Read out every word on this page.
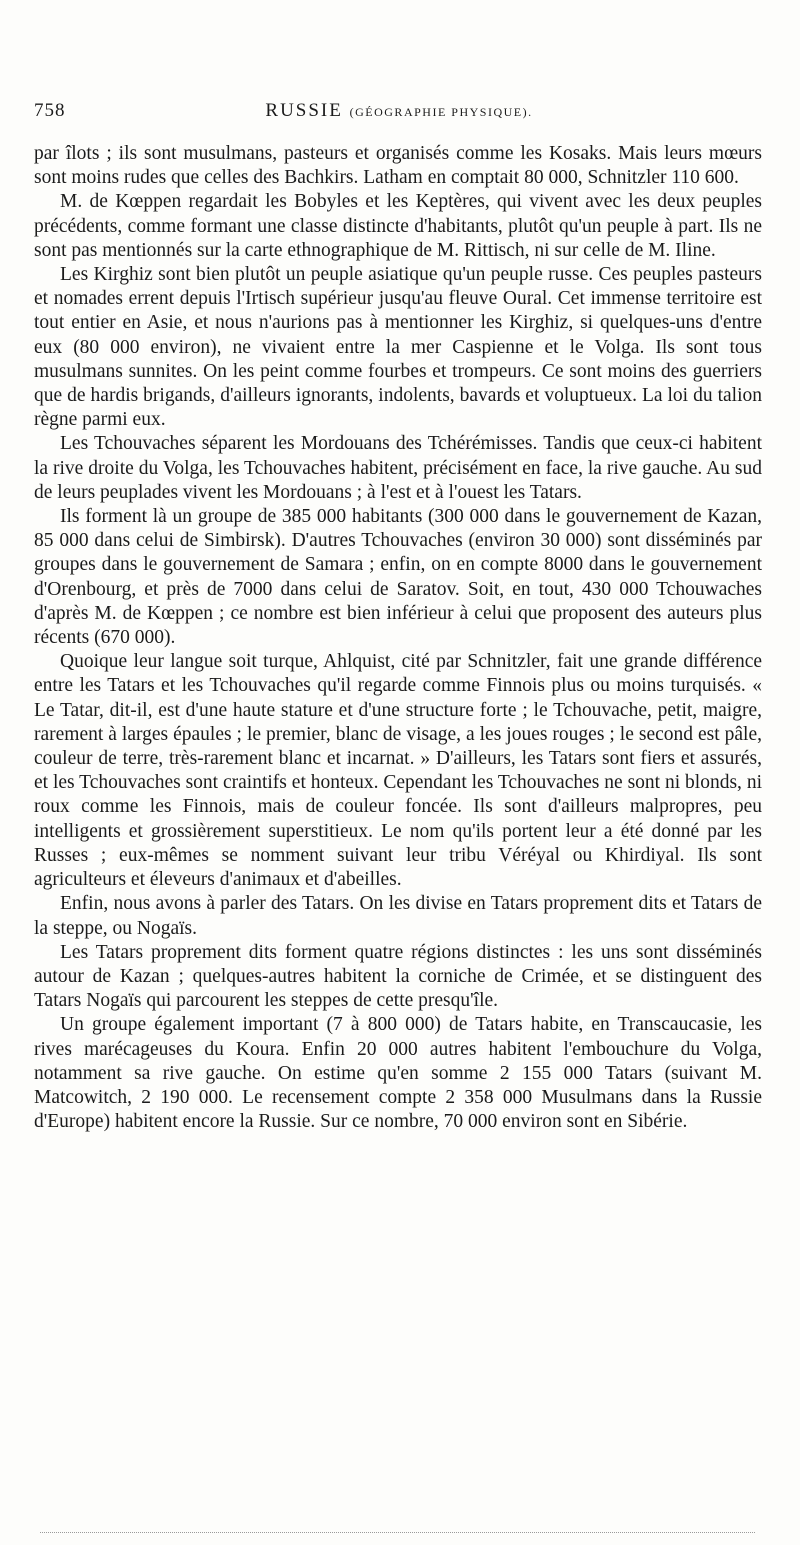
758	RUSSIE (GÉOGRAPHIE PHYSIQUE).

par îlots ; ils sont musulmans, pasteurs et organisés comme les Kosaks. Mais leurs mœurs sont moins rudes que celles des Bachkirs. Latham en comptait 80 000, Schnitzler 110 600.

M. de Kœppen regardait les Bobyles et les Keptères, qui vivent avec les deux peuples précédents, comme formant une classe distincte d'habitants, plutôt qu'un peuple à part. Ils ne sont pas mentionnés sur la carte ethnographique de M. Rittisch, ni sur celle de M. Iline.

Les Kirghiz sont bien plutôt un peuple asiatique qu'un peuple russe. Ces peuples pasteurs et nomades errent depuis l'Irtisch supérieur jusqu'au fleuve Oural. Cet immense territoire est tout entier en Asie, et nous n'aurions pas à mentionner les Kirghiz, si quelques-uns d'entre eux (80 000 environ), ne vivaient entre la mer Caspienne et le Volga. Ils sont tous musulmans sunnites. On les peint comme fourbes et trompeurs. Ce sont moins des guerriers que de hardis brigands, d'ailleurs ignorants, indolents, bavards et voluptueux. La loi du talion règne parmi eux.

Les Tchouvaches séparent les Mordouans des Tchérémisses. Tandis que ceux-ci habitent la rive droite du Volga, les Tchouvaches habitent, précisément en face, la rive gauche. Au sud de leurs peuplades vivent les Mordouans ; à l'est et à l'ouest les Tatars.

Ils forment là un groupe de 385 000 habitants (300 000 dans le gouvernement de Kazan, 85 000 dans celui de Simbirsk). D'autres Tchouvaches (environ 30 000) sont disséminés par groupes dans le gouvernement de Samara ; enfin, on en compte 8000 dans le gouvernement d'Orenbourg, et près de 7000 dans celui de Saratov. Soit, en tout, 430 000 Tchouwaches d'après M. de Kœppen ; ce nombre est bien inférieur à celui que proposent des auteurs plus récents (670 000).

Quoique leur langue soit turque, Ahlquist, cité par Schnitzler, fait une grande différence entre les Tatars et les Tchouvaches qu'il regarde comme Finnois plus ou moins turquisés. « Le Tatar, dit-il, est d'une haute stature et d'une structure forte ; le Tchouvache, petit, maigre, rarement à larges épaules ; le premier, blanc de visage, a les joues rouges ; le second est pâle, couleur de terre, très-rarement blanc et incarnat. » D'ailleurs, les Tatars sont fiers et assurés, et les Tchouvaches sont craintifs et honteux. Cependant les Tchouvaches ne sont ni blonds, ni roux comme les Finnois, mais de couleur foncée. Ils sont d'ailleurs malpropres, peu intelligents et grossièrement superstitieux. Le nom qu'ils portent leur a été donné par les Russes ; eux-mêmes se nomment suivant leur tribu Véréyal ou Khirdiyal. Ils sont agriculteurs et éleveurs d'animaux et d'abeilles.

Enfin, nous avons à parler des Tatars. On les divise en Tatars proprement dits et Tatars de la steppe, ou Nogaïs.

Les Tatars proprement dits forment quatre régions distinctes : les uns sont disséminés autour de Kazan ; quelques-autres habitent la corniche de Crimée, et se distinguent des Tatars Nogaïs qui parcourent les steppes de cette presqu'île.

Un groupe également important (7 à 800 000) de Tatars habite, en Transcaucasie, les rives marécageuses du Koura. Enfin 20 000 autres habitent l'embouchure du Volga, notamment sa rive gauche. On estime qu'en somme 2 155 000 Tatars (suivant M. Matcowitch, 2 190 000. Le recensement compte 2 358 000 Musulmans dans la Russie d'Europe) habitent encore la Russie. Sur ce nombre, 70 000 environ sont en Sibérie.
